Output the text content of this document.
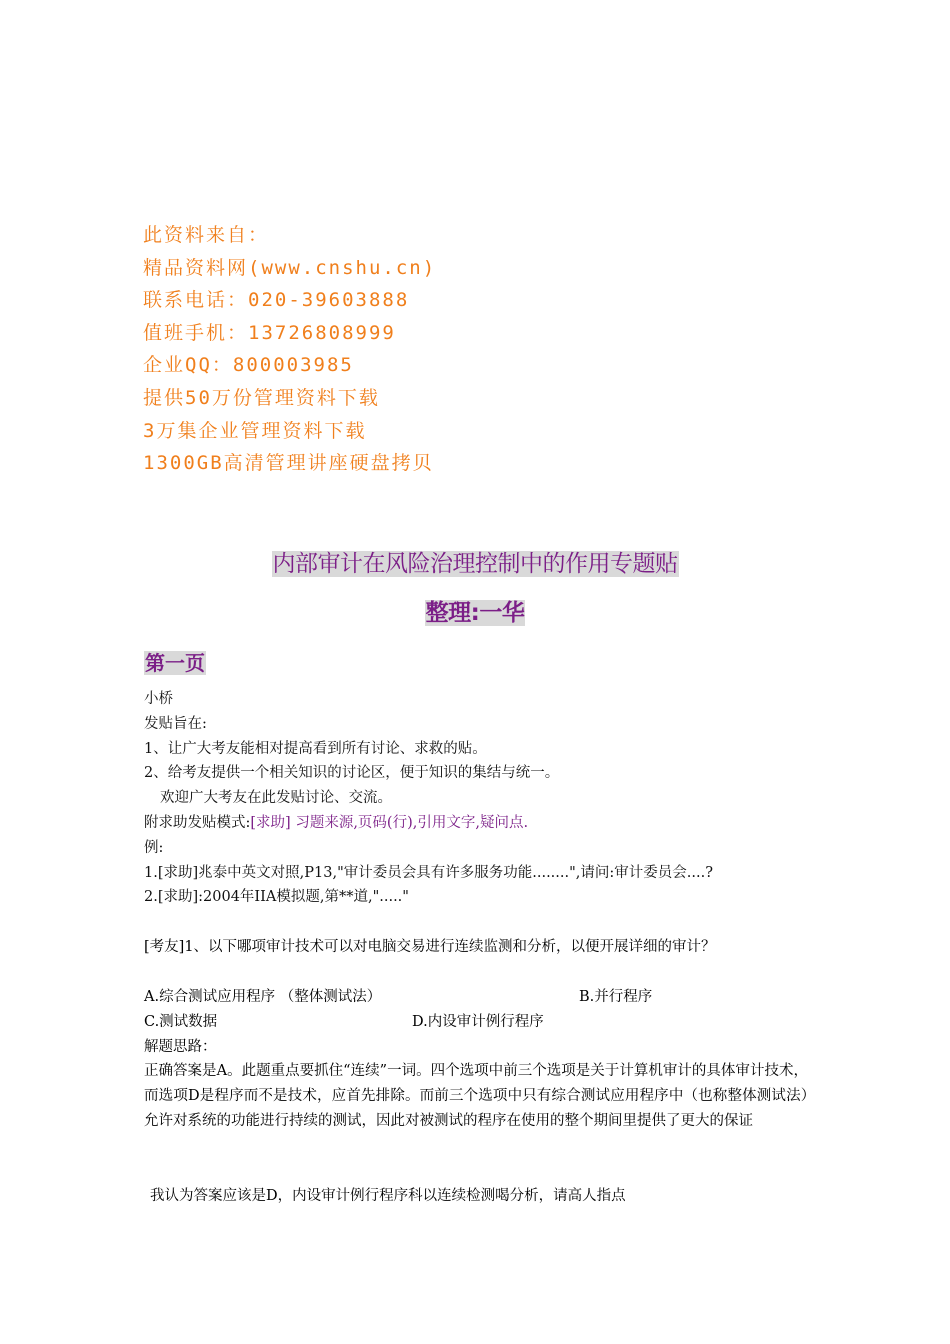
此资料来自：
精品资料网(www.cnshu.cn)
联系电话：020-39603888
值班手机：13726808999
企业QQ：800003985
提供50万份管理资料下载
3万集企业管理资料下载
1300GB高清管理讲座硬盘拷贝
内部审计在风险治理控制中的作用专题贴
整理:一华
第一页
小桥
发贴旨在:
1、让广大考友能相对提高看到所有讨论、求救的贴。
2、给考友提供一个相关知识的讨论区，便于知识的集结与统一。
欢迎广大考友在此发贴讨论、交流。
附求助发贴模式:[求助] 习题来源,页码(行),引用文字,疑问点.
例:
1.[求助]兆泰中英文对照,P13,"审计委员会具有许多服务功能........",请问:审计委员会....?
2.[求助]:2004年IIA模拟题,第**道,"....."
[考友]1、以下哪项审计技术可以对电脑交易进行连续监测和分析，以便开展详细的审计？
A.综合测试应用程序 （整体测试法）	B.并行程序
C.测试数据	D.内设审计例行程序
解题思路：
正确答案是A。此题重点要抓住“连续”一词。四个选项中前三个选项是关于计算机审计的具体审计技术，而选项D是程序而不是技术，应首先排除。而前三个选项中只有综合测试应用程序中（也称整体测试法）允许对系统的功能进行持续的测试，因此对被测试的程序在使用的整个期间里提供了更大的保证
我认为答案应该是D，内设审计例行程序科以连续检测喝分析，请高人指点
